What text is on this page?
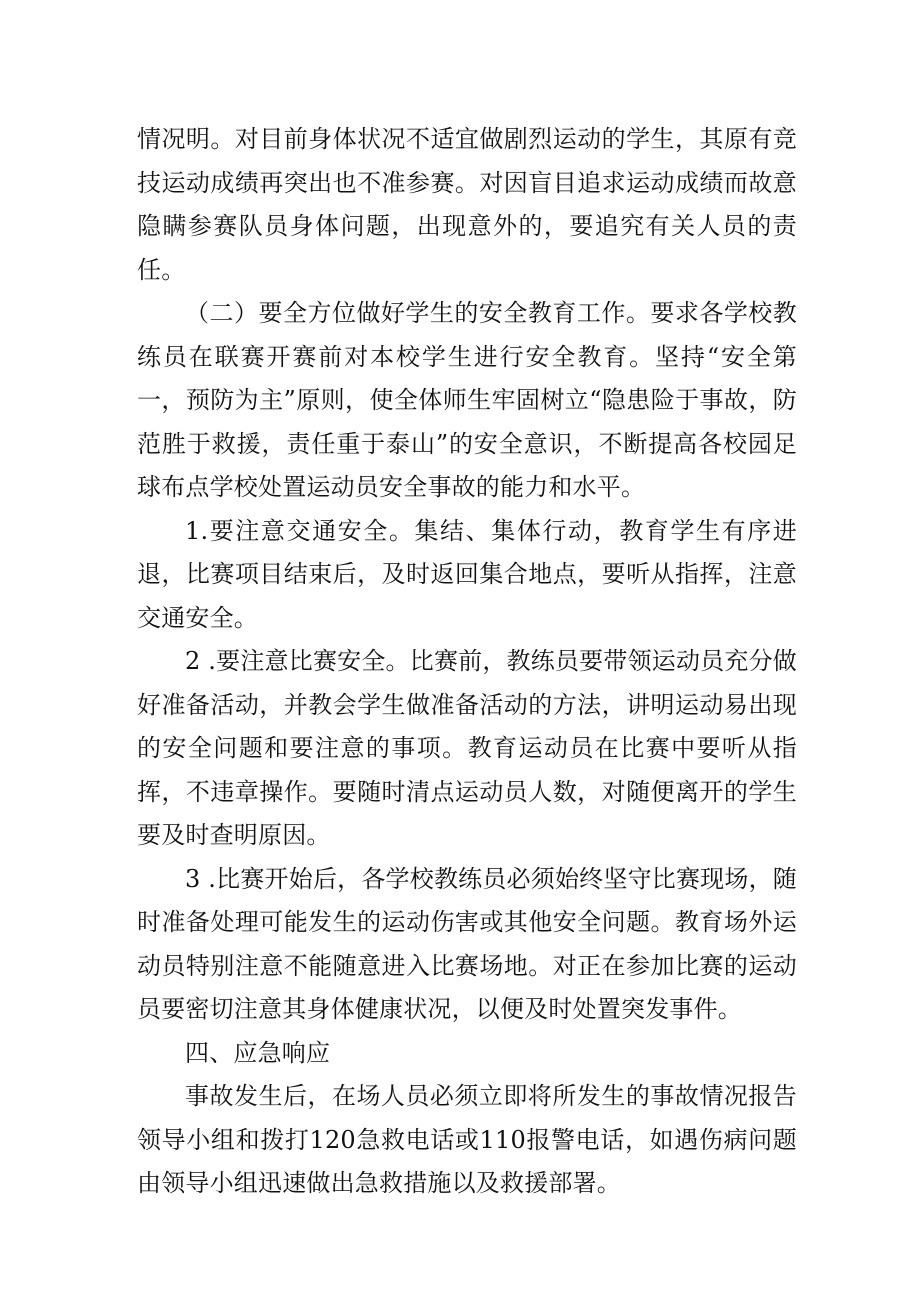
情况明。对目前身体状况不适宜做剧烈运动的学生，其原有竞技运动成绩再突出也不准参赛。对因盲目追求运动成绩而故意隐瞒参赛队员身体问题，出现意外的，要追究有关人员的责任。

（二）要全方位做好学生的安全教育工作。要求各学校教练员在联赛开赛前对本校学生进行安全教育。坚持“安全第一，预防为主”原则，使全体师生牢固树立“隐患险于事故，防范胜于救援，责任重于泰山”的安全意识，不断提高各校园足球布点学校处置运动员安全事故的能力和水平。

1.要注意交通安全。集结、集体行动，教育学生有序进退，比赛项目结束后，及时返回集合地点，要听从指挥，注意交通安全。

2 .要注意比赛安全。比赛前，教练员要带领运动员充分做好准备活动，并教会学生做准备活动的方法，讲明运动易出现的安全问题和要注意的事项。教育运动员在比赛中要听从指挥，不违章操作。要随时清点运动员人数，对随便离开的学生要及时查明原因。

3 .比赛开始后，各学校教练员必须始终坚守比赛现场，随时准备处理可能发生的运动伤害或其他安全问题。教育场外运动员特别注意不能随意进入比赛场地。对正在参加比赛的运动员要密切注意其身体健康状况，以便及时处置突发事件。

四、应急响应

事故发生后，在场人员必须立即将所发生的事故情况报告领导小组和拨打120急救电话或110报警电话，如遇伤病问题由领导小组迅速做出急救措施以及救援部署。
